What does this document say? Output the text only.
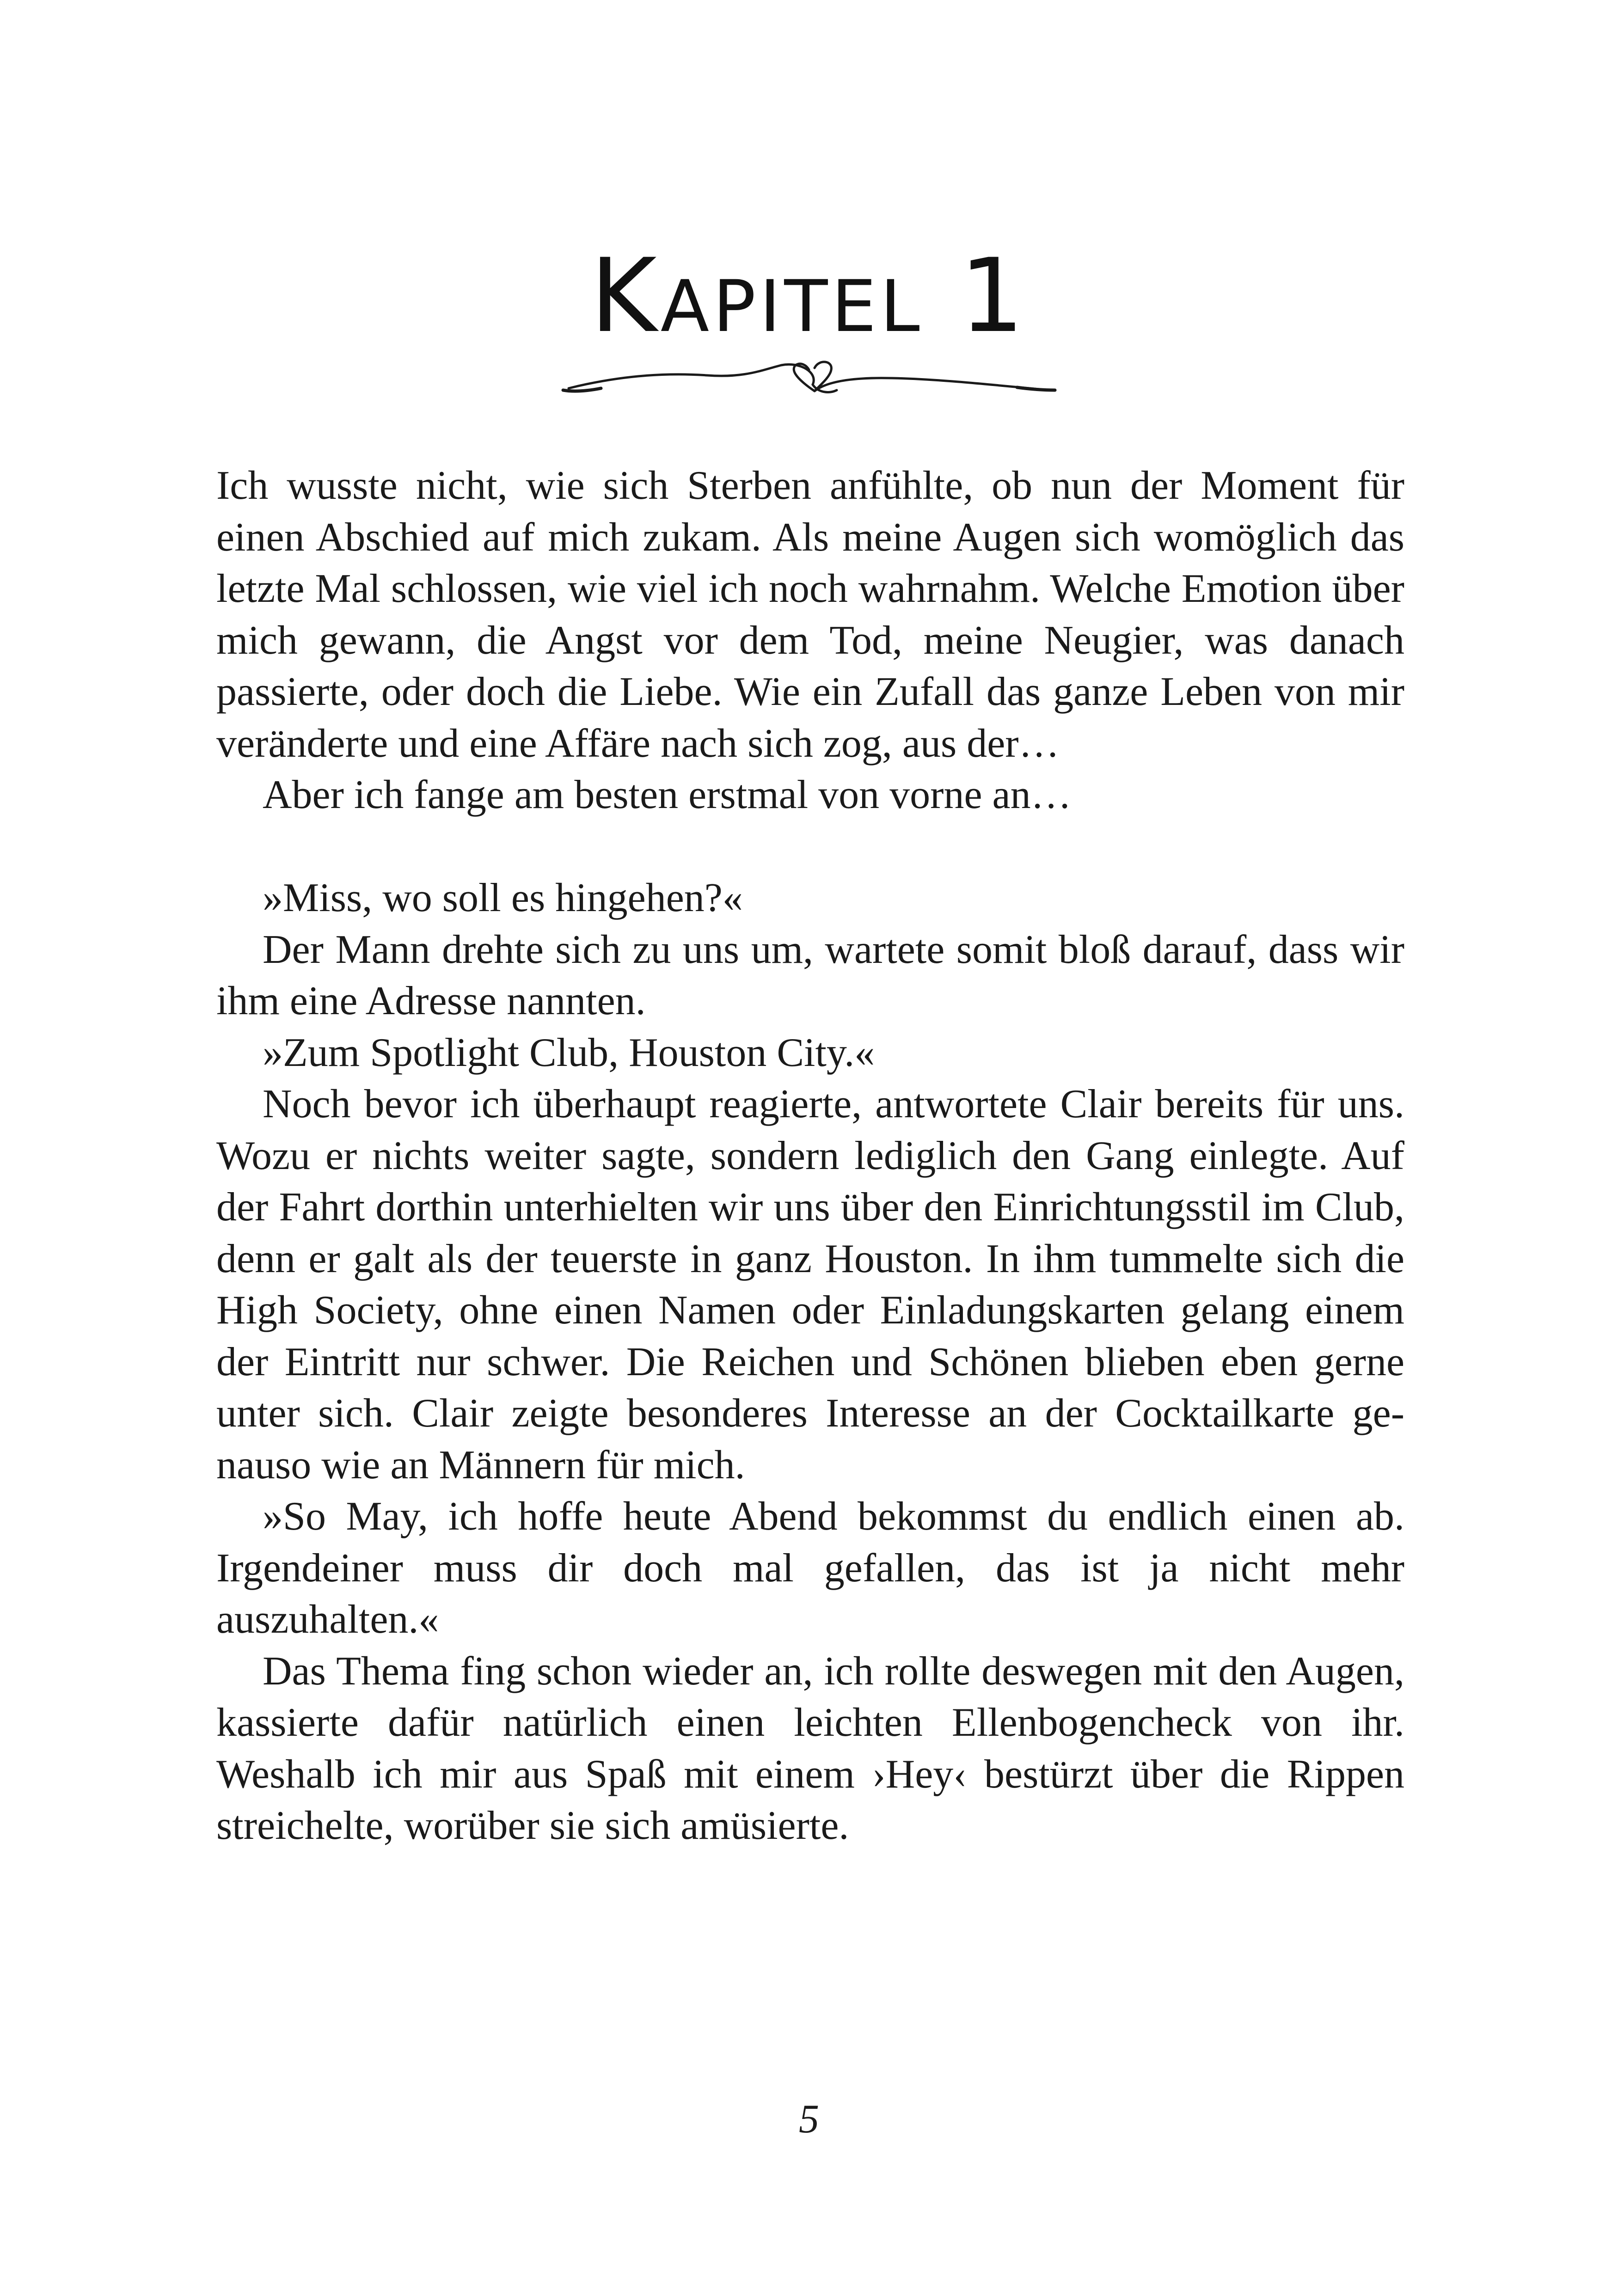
Kapitel 1

Ich wusste nicht, wie sich Sterben anfühlte, ob nun der Moment für einen Abschied auf mich zukam. Als meine Augen sich womöglich das letzte Mal schlossen, wie viel ich noch wahrnahm. Welche Emotion über mich gewann, die Angst vor dem Tod, meine Neugier, was danach passierte, oder doch die Liebe. Wie ein Zufall das ganze Leben von mir veränderte und eine Affäre nach sich zog, aus der…

Aber ich fange am besten erstmal von vorne an…

»Miss, wo soll es hingehen?«

Der Mann drehte sich zu uns um, wartete somit bloß darauf, dass wir ihm eine Adresse nannten.

»Zum Spotlight Club, Houston City.«

Noch bevor ich überhaupt reagierte, antwortete Clair bereits für uns. Wozu er nichts weiter sagte, sondern lediglich den Gang einlegte. Auf der Fahrt dorthin unterhielten wir uns über den Einrichtungsstil im Club, denn er galt als der teuerste in ganz Houston. In ihm tummelte sich die High Society, ohne einen Namen oder Einladungskarten gelang einem der Eintritt nur schwer. Die Reichen und Schönen blieben eben gerne unter sich. Clair zeigte besonderes Interesse an der Cocktailkarte genauso wie an Männern für mich.

»So May, ich hoffe heute Abend bekommst du endlich einen ab. Irgendeiner muss dir doch mal gefallen, das ist ja nicht mehr auszuhalten.«

Das Thema fing schon wieder an, ich rollte deswegen mit den Augen, kassierte dafür natürlich einen leichten Ellenbogencheck von ihr. Weshalb ich mir aus Spaß mit einem ›Hey‹ bestürzt über die Rippen streichelte, worüber sie sich amüsierte.

5
